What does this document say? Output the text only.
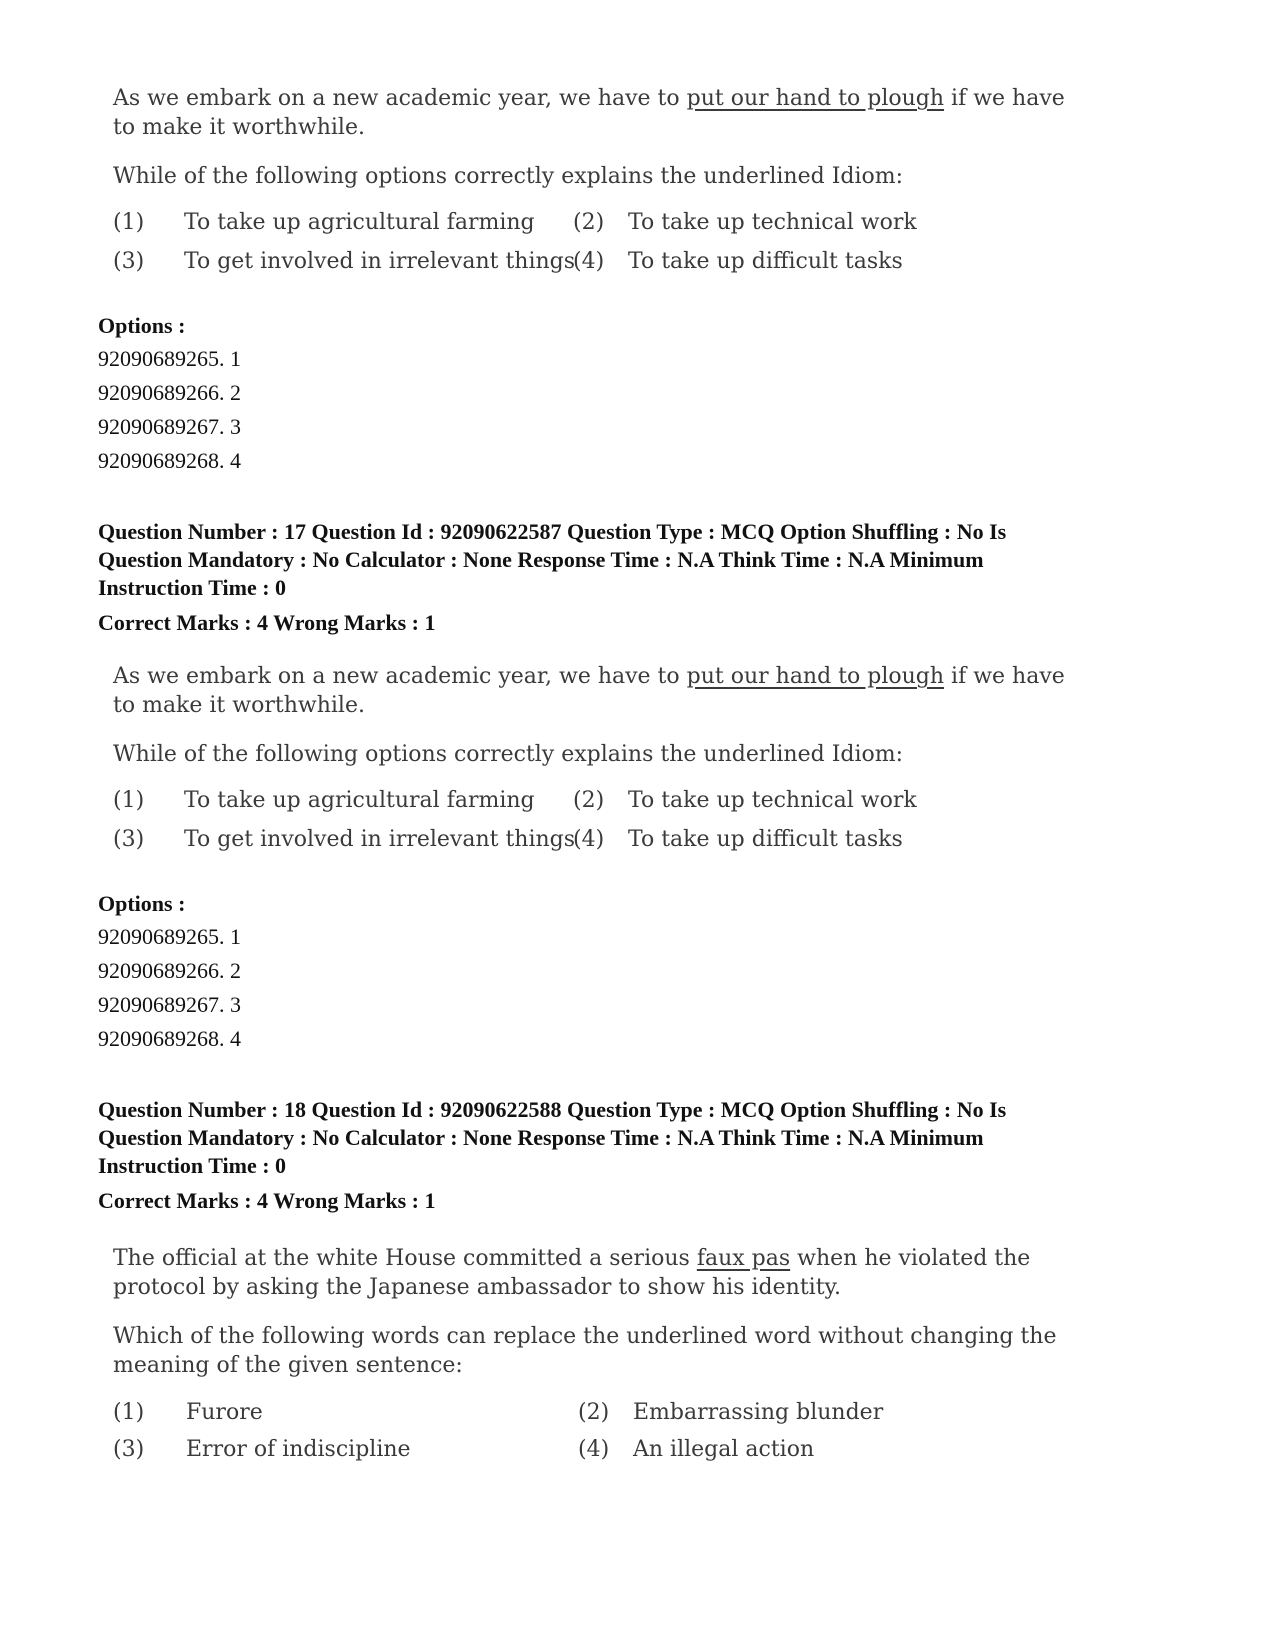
As we embark on a new academic year, we have to put our hand to plough if we have

to make it worthwhile.

While of the following options correctly explains the underlined Idiom:

(1) To take up agricultural farming (2) To take up technical work
(3) To get involved in irrelevant things
(4) To take up difficult tasks
Options :
92090689265. 1
92090689266. 2
92090689267. 3
92090689268. 4
Question Number : 17 Question Id : 92090622587 Question Type : MCQ Option Shuffling : No Is
Question Mandatory : No Calculator : None Response Time : N.A Think Time : N.A Minimum
Instruction Time : 0
Correct Marks : 4 Wrong Marks : 1

As we embark on a new academic year, we have to put our hand to plough if we have

to make it worthwhile.

While of the following options correctly explains the underlined Idiom:

(1) To take up agricultural farming (2) To take up technical work
(3) To get involved in irrelevant things
(4) To take up difficult tasks
Options :
92090689265. 1
92090689266. 2
92090689267. 3
92090689268. 4
Question Number : 18 Question Id : 92090622588 Question Type : MCQ Option Shuffling : No Is
Question Mandatory : No Calculator : None Response Time : N.A Think Time : N.A Minimum
Instruction Time : 0
Correct Marks : 4 Wrong Marks : 1

The official at the white House committed a serious faux pas when he violated the

protocol by asking the Japanese ambassador to show his identity.

Which of the following words can replace the underlined word without changing the

meaning of the given sentence:

(1) Furore	(2) Embarrassing blunder
(3) Error of indiscipline	(4) An illegal action
